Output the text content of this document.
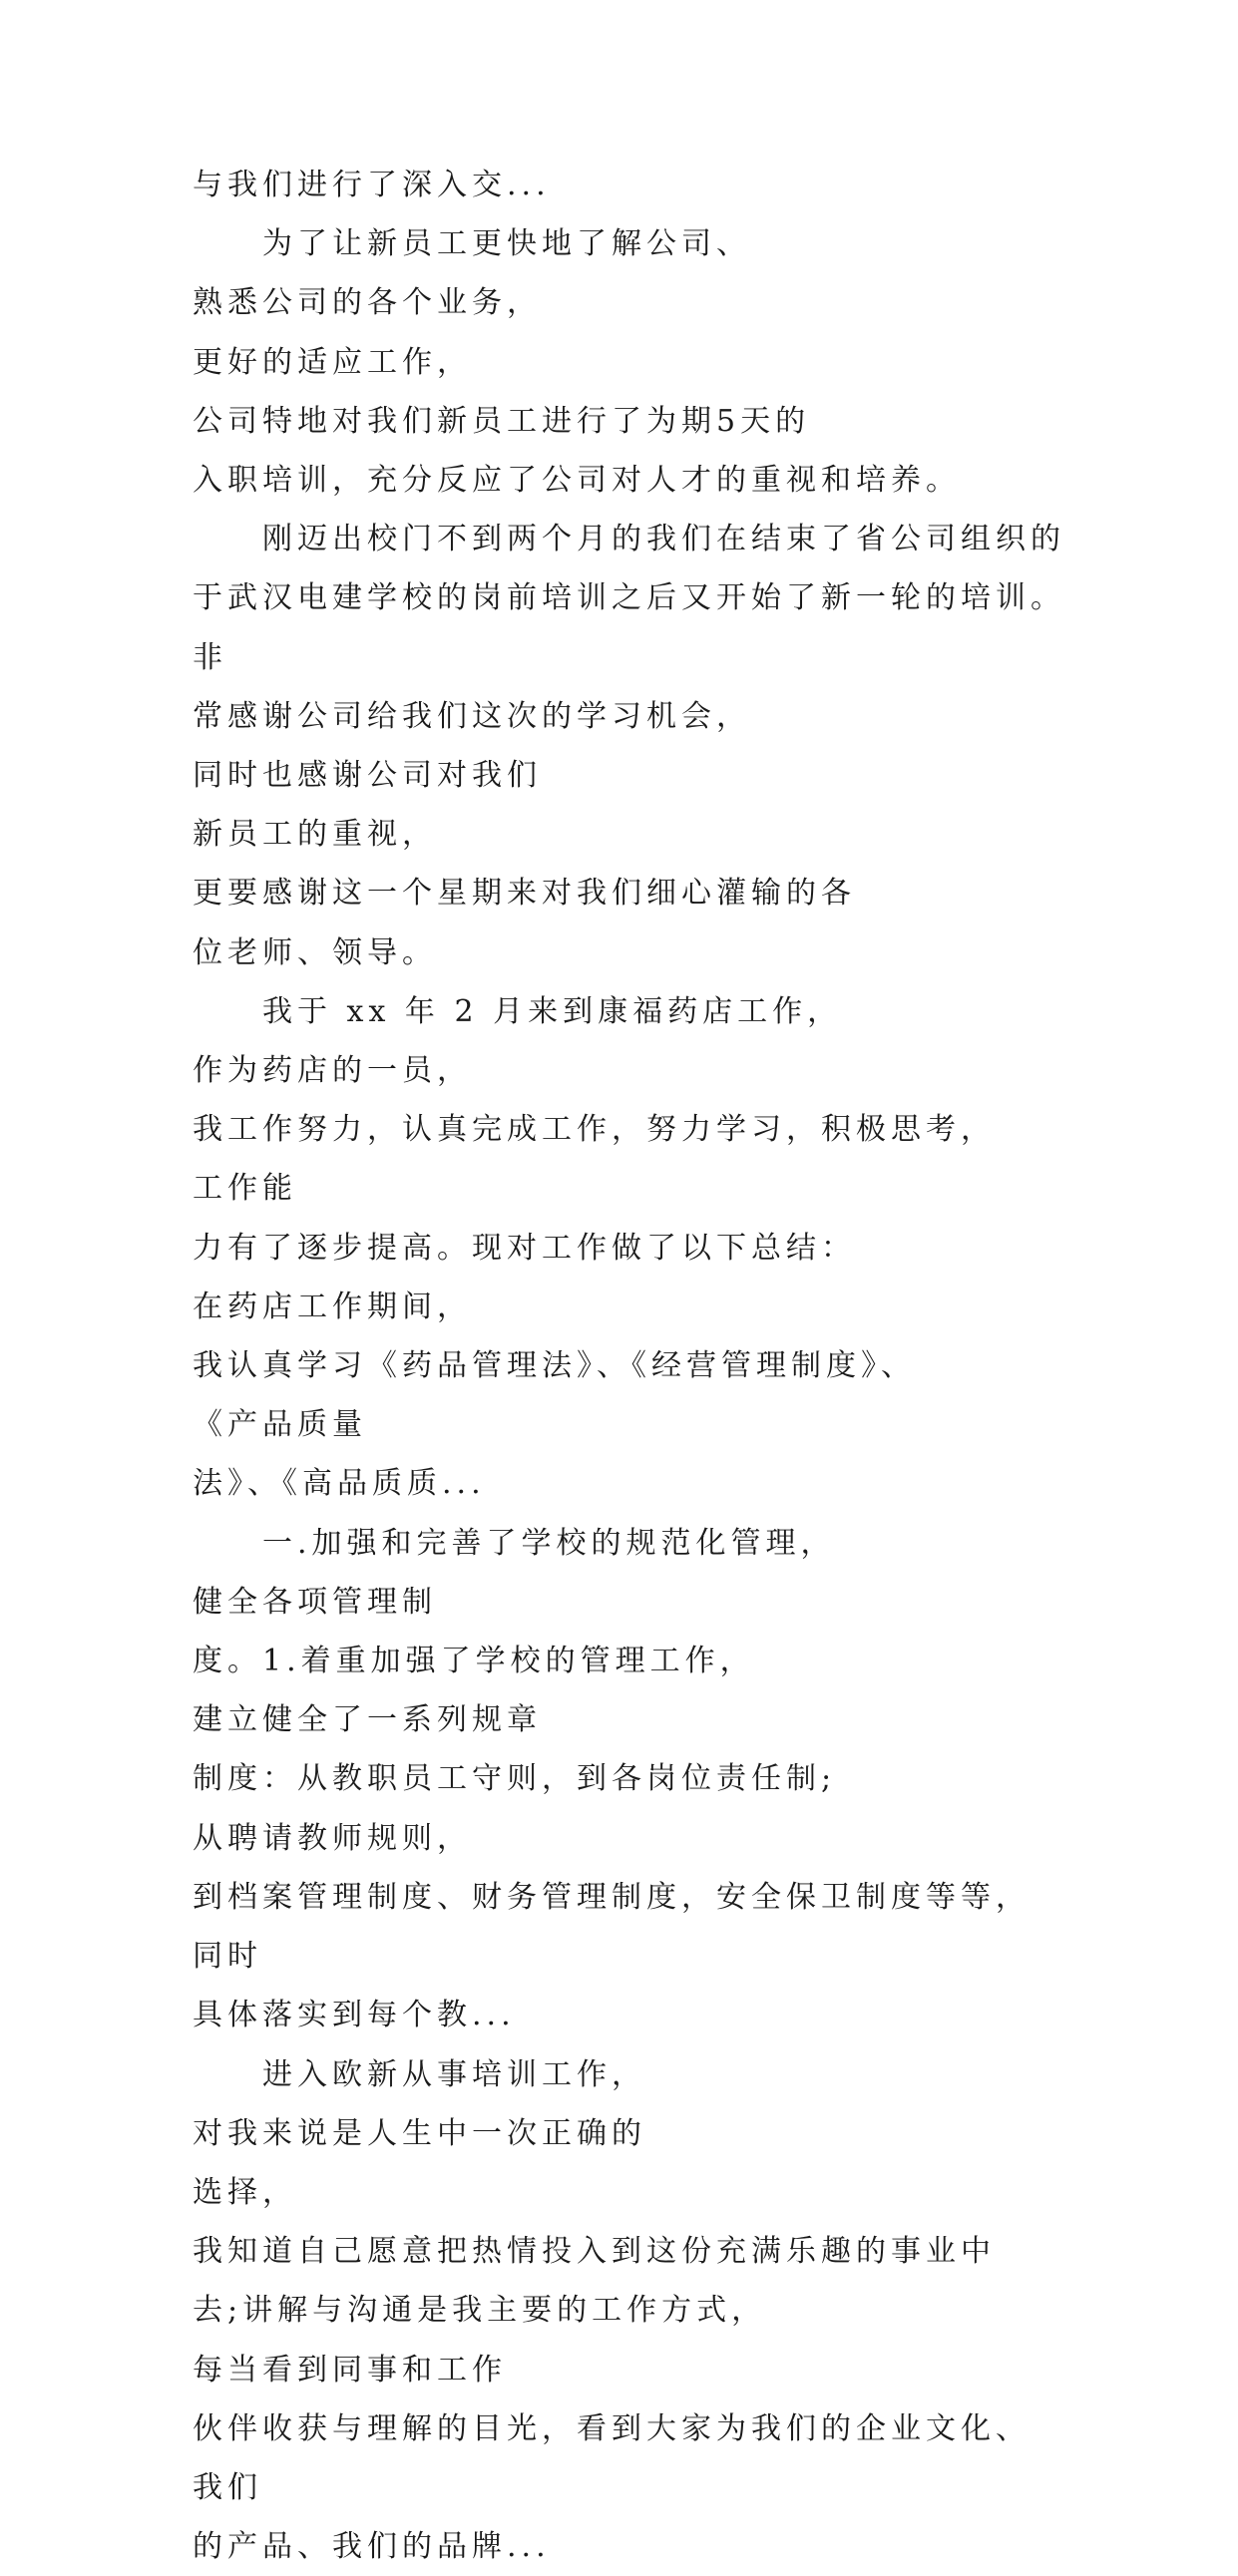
与我们进行了深入交...

　　为了让新员工更快地了解公司、熟悉公司的各个业务，
更好的适应工作，公司特地对我们新员工进行了为期5天的
入职培训，充分反应了公司对人才的重视和培养。

　　刚迈出校门不到两个月的我们在结束了省公司组织的
于武汉电建学校的岗前培训之后又开始了新一轮的培训。非
常感谢公司给我们这次的学习机会，同时也感谢公司对我们
新员工的重视，更要感谢这一个星期来对我们细心灌输的各
位老师、领导。

　　我于 xx 年 2 月来到康福药店工作，作为药店的一员，
我工作努力，认真完成工作，努力学习，积极思考，工作能
力有了逐步提高。现对工作做了以下总结：在药店工作期间，
我认真学习《药品管理法》、《经营管理制度》、《产品质量
法》、《高品质质...

　　一.加强和完善了学校的规范化管理，健全各项管理制
度。1.着重加强了学校的管理工作，建立健全了一系列规章
制度：从教职员工守则，到各岗位责任制;从聘请教师规则，
到档案管理制度、财务管理制度，安全保卫制度等等，同时
具体落实到每个教...

　　进入欧新从事培训工作，对我来说是人生中一次正确的
选择，我知道自己愿意把热情投入到这份充满乐趣的事业中
去;讲解与沟通是我主要的工作方式，每当看到同事和工作
伙伴收获与理解的目光，看到大家为我们的企业文化、我们
的产品、我们的品牌...
